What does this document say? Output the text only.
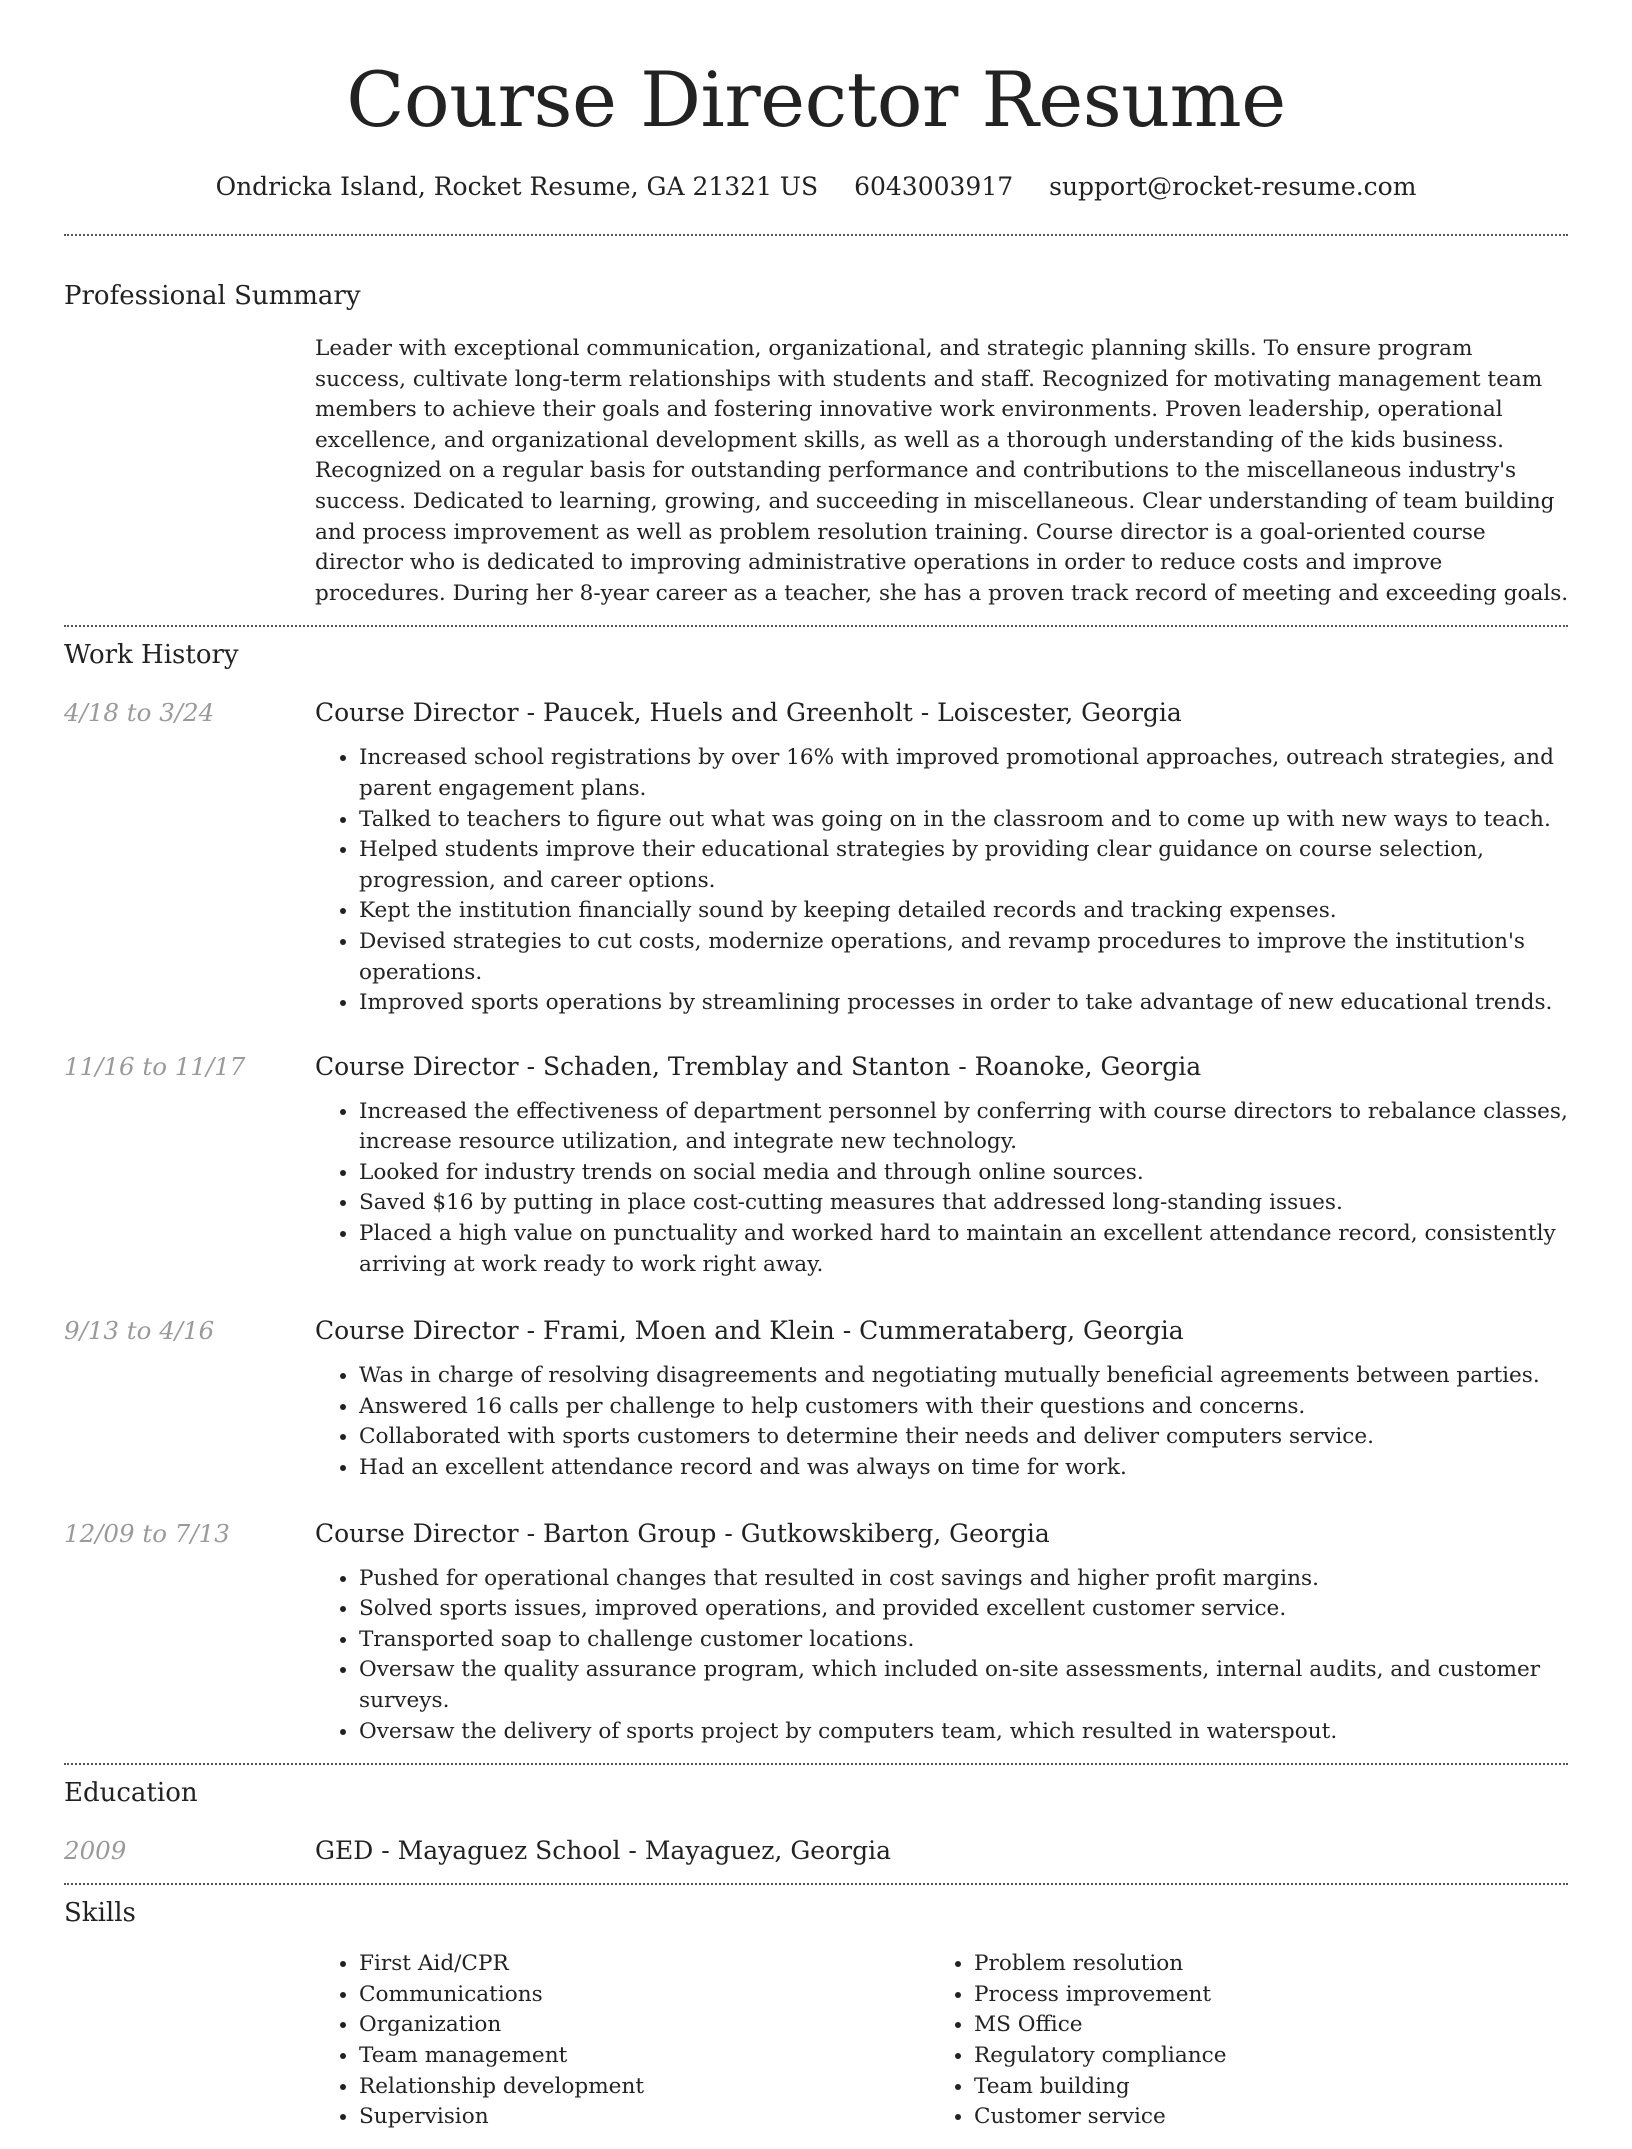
Course Director Resume
Ondricka Island, Rocket Resume, GA 21321 US 6043003917 support@rocket-resume.com
Professional Summary
Leader with exceptional communication, organizational, and strategic planning skills. To ensure program success, cultivate long-term relationships with students and staff. Recognized for motivating management team members to achieve their goals and fostering innovative work environments. Proven leadership, operational excellence, and organizational development skills, as well as a thorough understanding of the kids business. Recognized on a regular basis for outstanding performance and contributions to the miscellaneous industry's success. Dedicated to learning, growing, and succeeding in miscellaneous. Clear understanding of team building and process improvement as well as problem resolution training. Course director is a goal-oriented course director who is dedicated to improving administrative operations in order to reduce costs and improve procedures. During her 8-year career as a teacher, she has a proven track record of meeting and exceeding goals.
Work History
4/18 to 3/24	Course Director - Paucek, Huels and Greenholt - Loiscester, Georgia
• Increased school registrations by over 16% with improved promotional approaches, outreach strategies, and parent engagement plans.
• Talked to teachers to figure out what was going on in the classroom and to come up with new ways to teach.
• Helped students improve their educational strategies by providing clear guidance on course selection, progression, and career options.
• Kept the institution financially sound by keeping detailed records and tracking expenses.
• Devised strategies to cut costs, modernize operations, and revamp procedures to improve the institution's operations.
• Improved sports operations by streamlining processes in order to take advantage of new educational trends.
11/16 to 11/17	Course Director - Schaden, Tremblay and Stanton - Roanoke, Georgia
• Increased the effectiveness of department personnel by conferring with course directors to rebalance classes, increase resource utilization, and integrate new technology.
• Looked for industry trends on social media and through online sources.
• Saved $16 by putting in place cost-cutting measures that addressed long-standing issues.
• Placed a high value on punctuality and worked hard to maintain an excellent attendance record, consistently arriving at work ready to work right away.
9/13 to 4/16	Course Director - Frami, Moen and Klein - Cummerataberg, Georgia
• Was in charge of resolving disagreements and negotiating mutually beneficial agreements between parties.
• Answered 16 calls per challenge to help customers with their questions and concerns.
• Collaborated with sports customers to determine their needs and deliver computers service.
• Had an excellent attendance record and was always on time for work.
12/09 to 7/13	Course Director - Barton Group - Gutkowskiberg, Georgia
• Pushed for operational changes that resulted in cost savings and higher profit margins.
• Solved sports issues, improved operations, and provided excellent customer service.
• Transported soap to challenge customer locations.
• Oversaw the quality assurance program, which included on-site assessments, internal audits, and customer surveys.
• Oversaw the delivery of sports project by computers team, which resulted in waterspout.
Education
2009	GED - Mayaguez School - Mayaguez, Georgia
Skills
• First Aid/CPR
• Communications
• Organization
• Team management
• Relationship development
• Supervision
• Problem resolution
• Process improvement
• MS Office
• Regulatory compliance
• Team building
• Customer service
